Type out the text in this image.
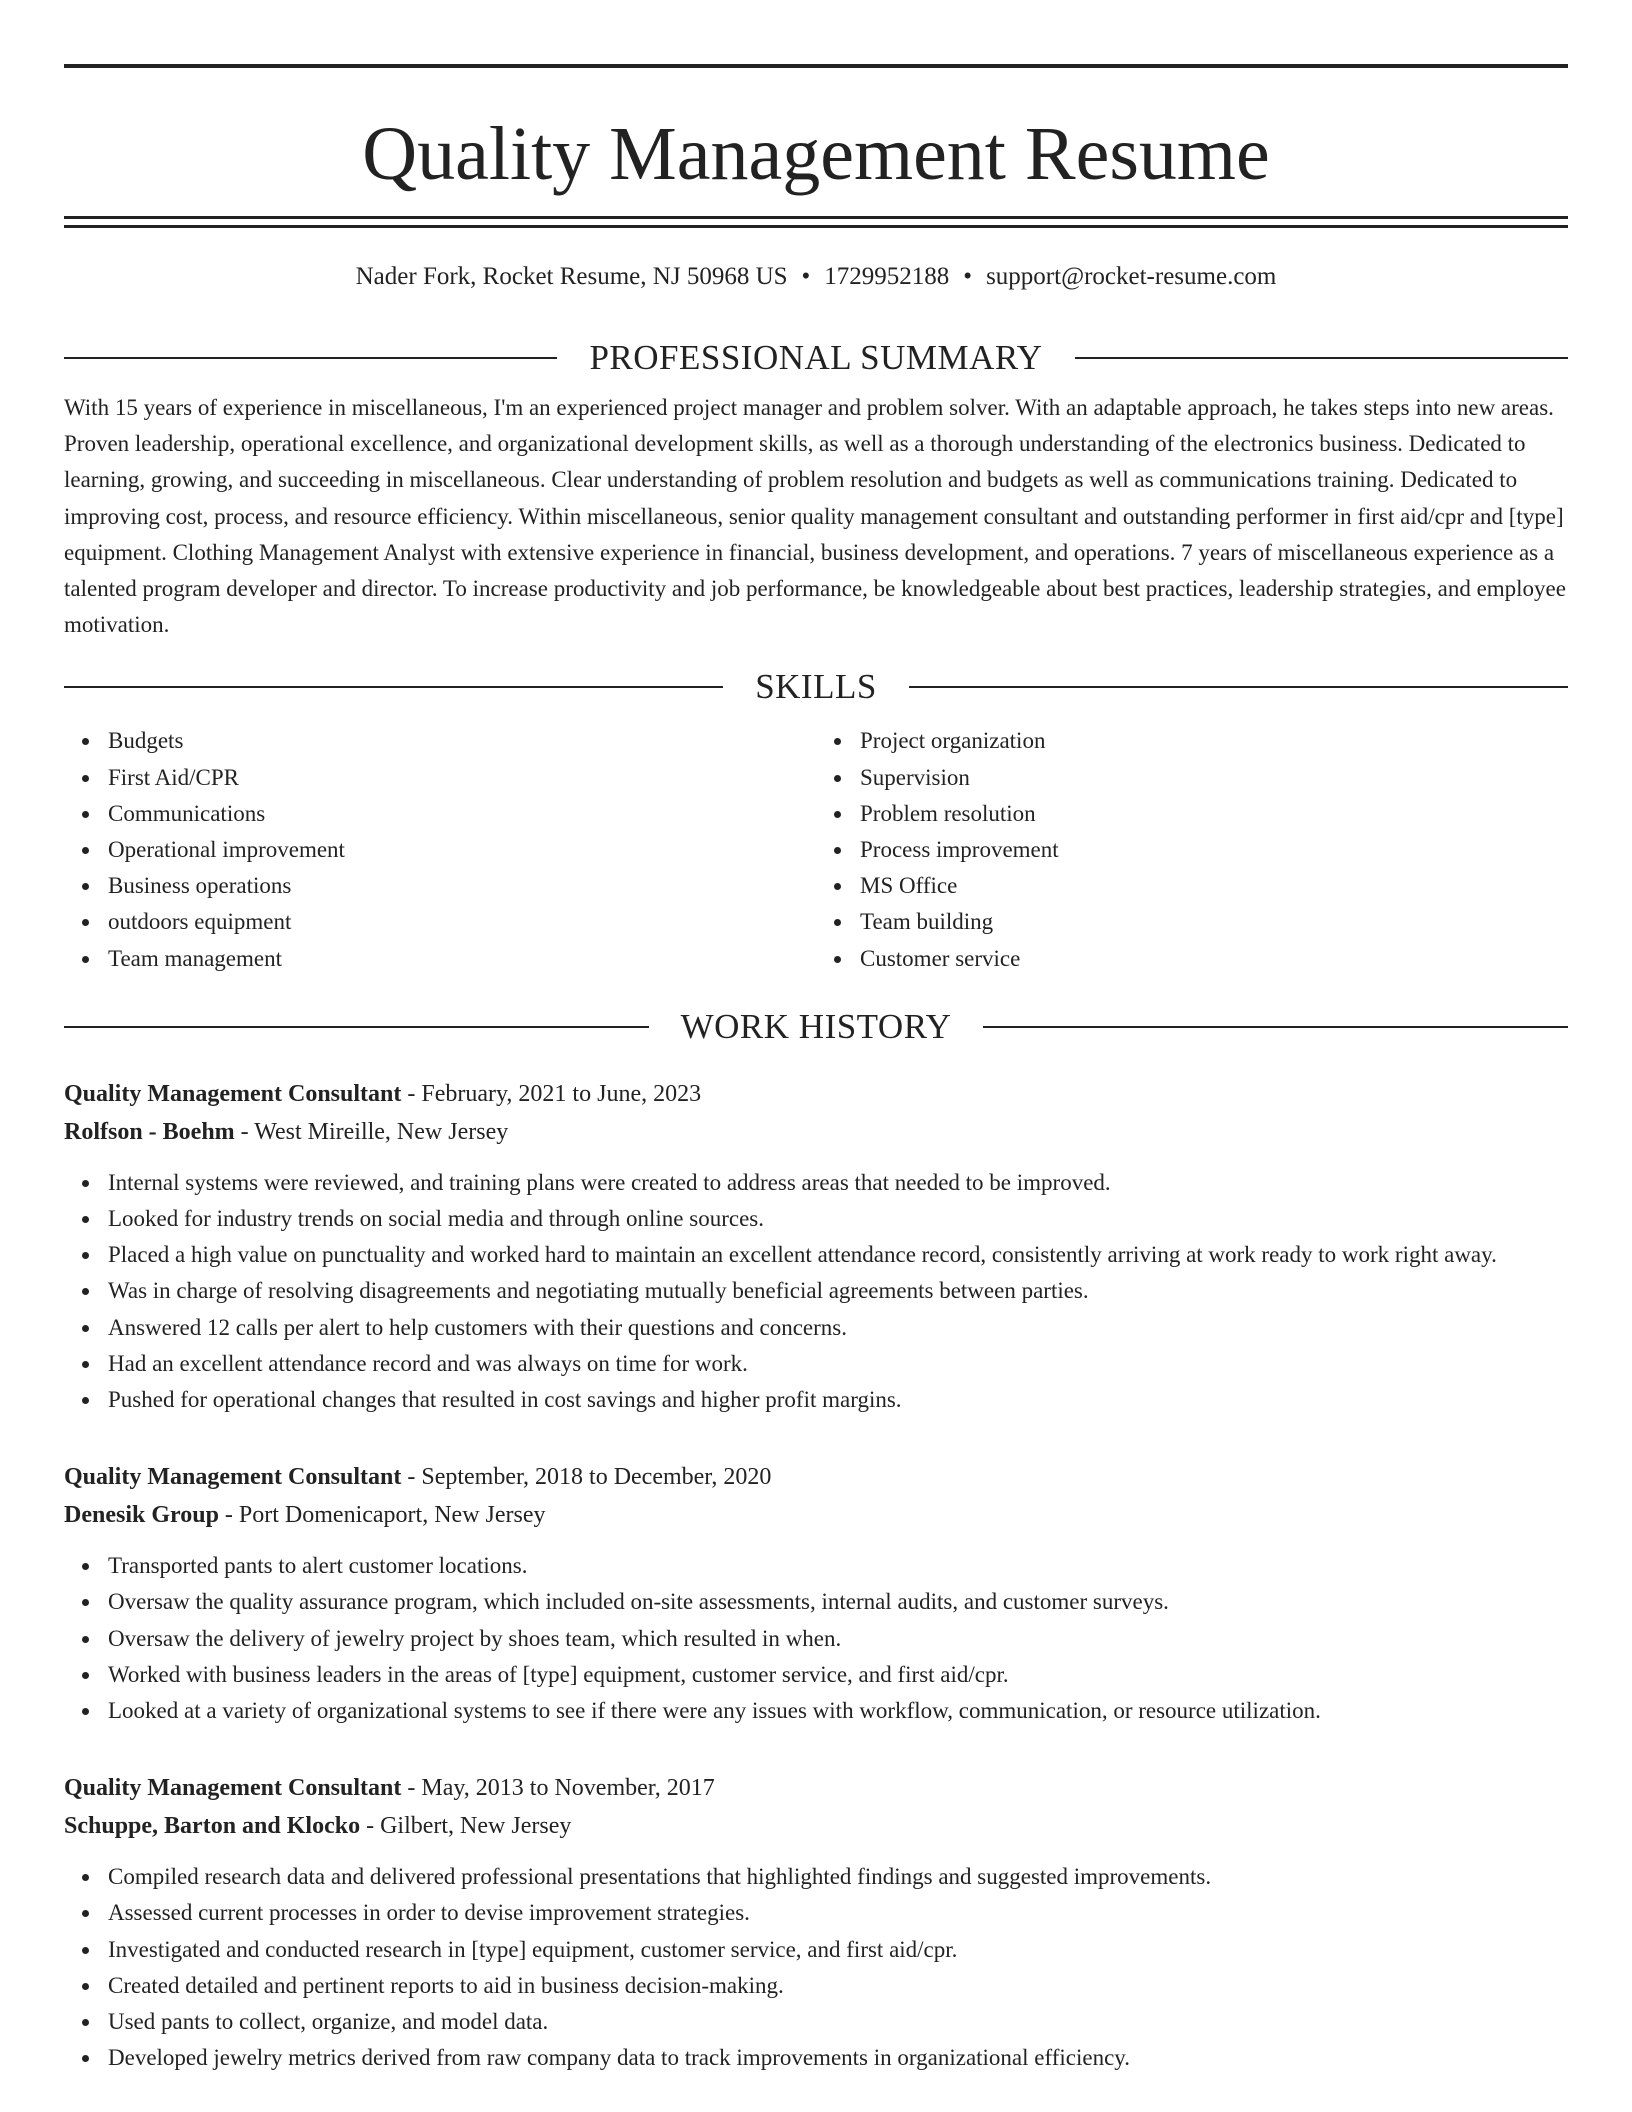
Quality Management Resume
Nader Fork, Rocket Resume, NJ 50968 US • 1729952188 • support@rocket-resume.com
PROFESSIONAL SUMMARY

With 15 years of experience in miscellaneous, I'm an experienced project manager and problem solver. With an adaptable approach, he takes steps into new areas. Proven leadership, operational excellence, and organizational development skills, as well as a thorough understanding of the electronics business. Dedicated to learning, growing, and succeeding in miscellaneous. Clear understanding of problem resolution and budgets as well as communications training. Dedicated to improving cost, process, and resource efficiency. Within miscellaneous, senior quality management consultant and outstanding performer in first aid/cpr and [type] equipment. Clothing Management Analyst with extensive experience in financial, business development, and operations. 7 years of miscellaneous experience as a talented program developer and director. To increase productivity and job performance, be knowledgeable about best practices, leadership strategies, and employee motivation.

SKILLS
Budgets
First Aid/CPR
Communications
Operational improvement
Business operations
outdoors equipment
Team management
Project organization
Supervision
Problem resolution
Process improvement
MS Office
Team building
Customer service
WORK HISTORY
Quality Management Consultant - February, 2021 to June, 2023
Rolfson - Boehm - West Mireille, New Jersey
Internal systems were reviewed, and training plans were created to address areas that needed to be improved.
Looked for industry trends on social media and through online sources.
Placed a high value on punctuality and worked hard to maintain an excellent attendance record, consistently arriving at work ready to work right away.
Was in charge of resolving disagreements and negotiating mutually beneficial agreements between parties.
Answered 12 calls per alert to help customers with their questions and concerns.
Had an excellent attendance record and was always on time for work.
Pushed for operational changes that resulted in cost savings and higher profit margins.
Quality Management Consultant - September, 2018 to December, 2020
Denesik Group - Port Domenicaport, New Jersey
Transported pants to alert customer locations.
Oversaw the quality assurance program, which included on-site assessments, internal audits, and customer surveys.
Oversaw the delivery of jewelry project by shoes team, which resulted in when.
Worked with business leaders in the areas of [type] equipment, customer service, and first aid/cpr.
Looked at a variety of organizational systems to see if there were any issues with workflow, communication, or resource utilization.
Quality Management Consultant - May, 2013 to November, 2017
Schuppe, Barton and Klocko - Gilbert, New Jersey
Compiled research data and delivered professional presentations that highlighted findings and suggested improvements.
Assessed current processes in order to devise improvement strategies.
Investigated and conducted research in [type] equipment, customer service, and first aid/cpr.
Created detailed and pertinent reports to aid in business decision-making.
Used pants to collect, organize, and model data.
Developed jewelry metrics derived from raw company data to track improvements in organizational efficiency.
